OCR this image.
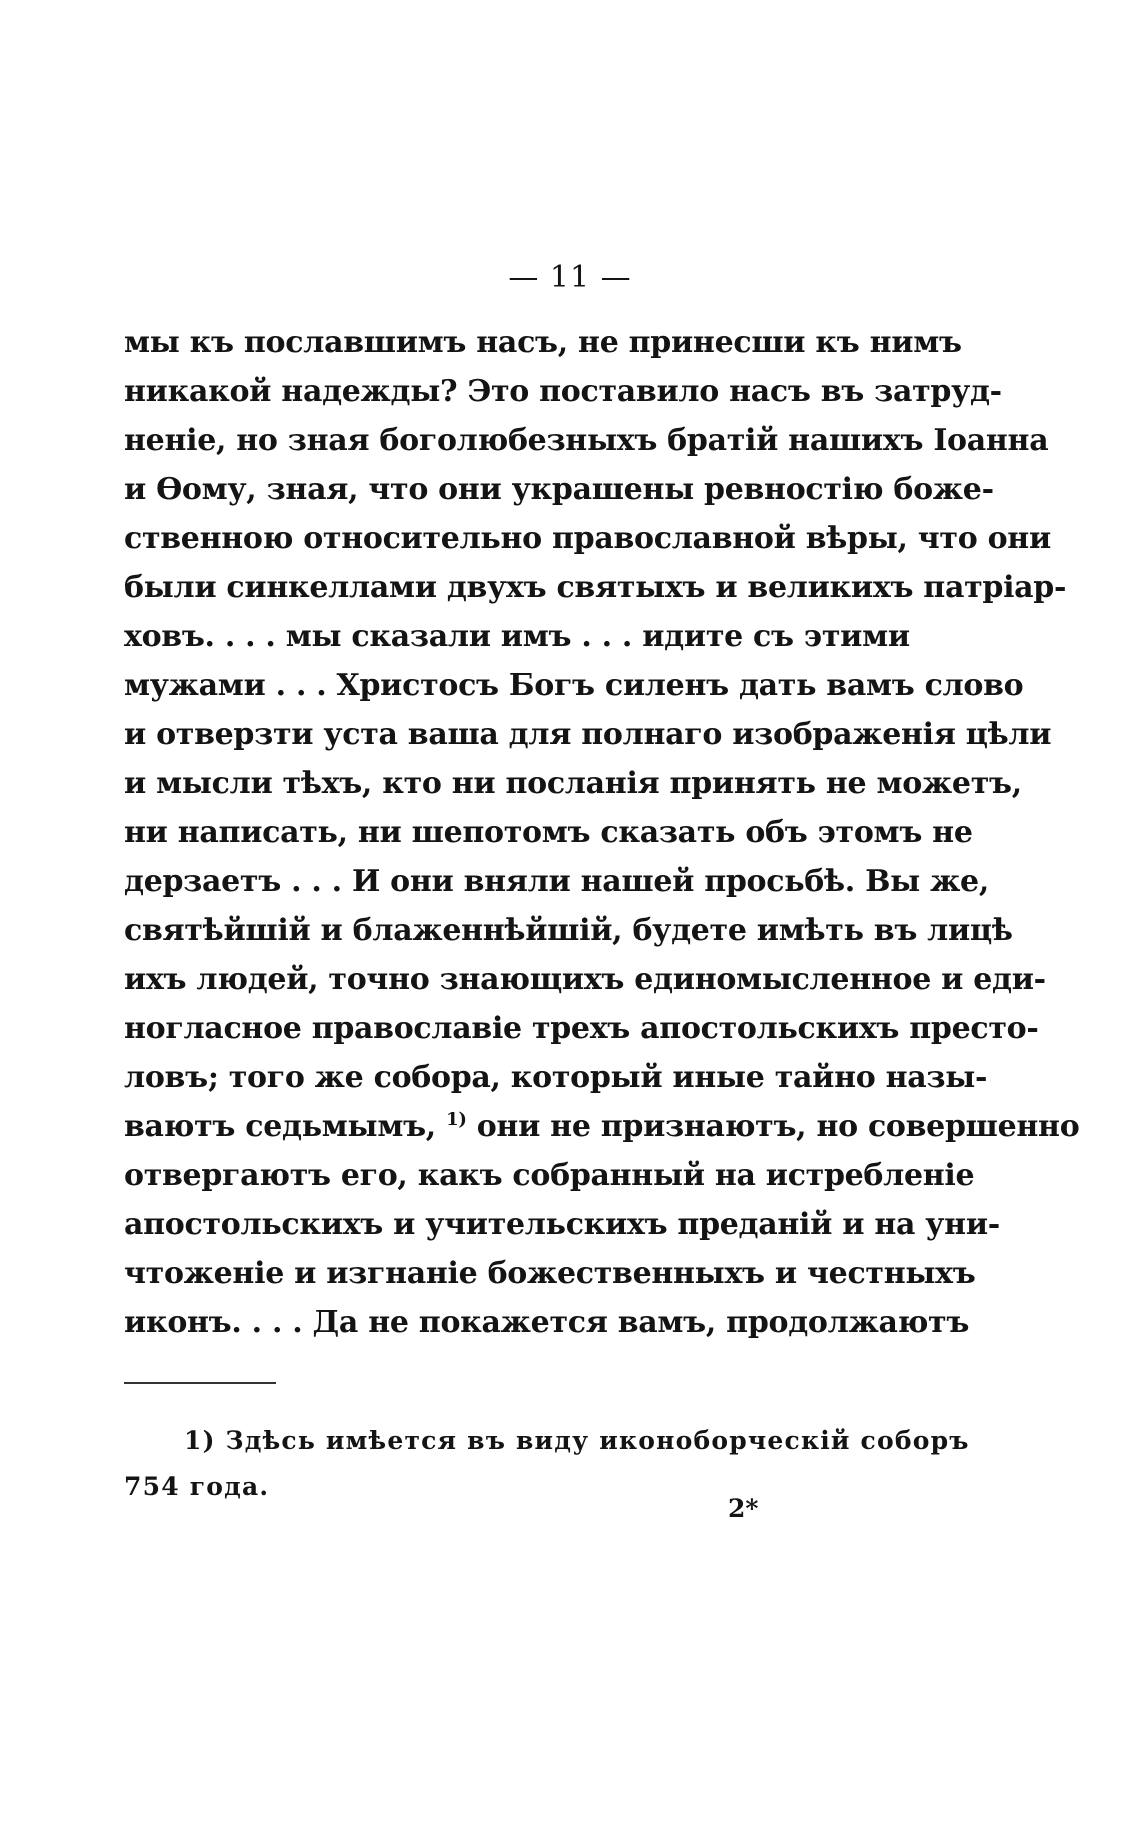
— 11 —
мы къ пославшимъ насъ, не принесши къ нимъ
никакой надежды? Это поставило насъ въ затруд-
неніе, но зная боголюбезныхъ братій нашихъ Іоанна
и Ѳому, зная, что они украшены ревностію боже-
ственною относительно православной вѣры, что они
были синкеллами двухъ святыхъ и великихъ патріар-
ховъ. . . . мы сказали имъ . . . идите съ этими
мужами . . . Христосъ Богъ силенъ дать вамъ слово
и отверзти уста ваша для полнаго изображенія цѣли
и мысли тѣхъ, кто ни посланія принять не можетъ,
ни написать, ни шепотомъ сказать объ этомъ не
дерзаетъ . . . И они вняли нашей просьбѣ. Вы же,
святѣйшій и блаженнѣйшій, будете имѣть въ лицѣ
ихъ людей, точно знающихъ единомысленное и еди-
ногласное православіе трехъ апостольскихъ престо-
ловъ; того же собора, который иные тайно назы-
ваютъ седьмымъ, $^{1)}$ они не признаютъ, но совершенно
отвергаютъ его, какъ собранный на истребленіе
апостольскихъ и учительскихъ преданій и на уни-
чтоженіе и изгнаніе божественныхъ и честныхъ
иконъ. . . . Да не покажется вамъ, продолжаютъ
1) Здѣсь имѣется въ виду иконоборческій соборъ
754 года.
2*
